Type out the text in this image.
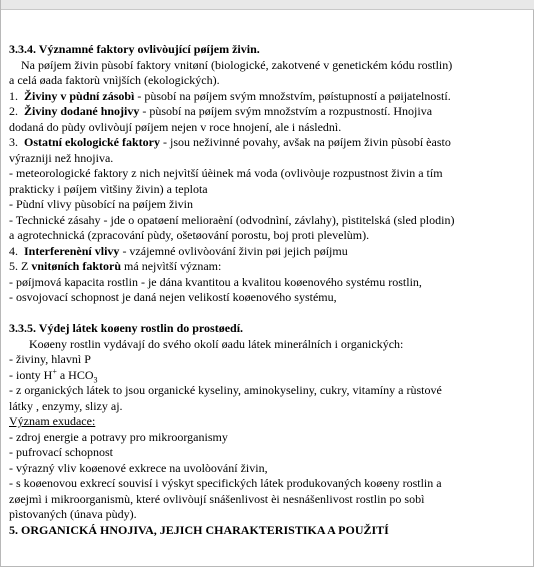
3.3.4. Významné faktory ovlivòující pøíjem živin.
Na pøíjem živin pùsobí faktory vnitøní (biologické, zakotvené v genetickém kódu rostlin)
a celá øada faktorù vnìjších (ekologických).
1.  Živiny v pùdní zásobì - pùsobí na pøíjem svým množstvím, pøístupností a pøijatelností.
2.  Živiny dodané hnojivy - pùsobí na pøíjem svým množstvím a rozpustností. Hnojiva
dodaná do pùdy ovlivòují pøíjem nejen v roce hnojení, ale i následnì.
3.  Ostatní ekologické faktory - jsou neživinné povahy, avšak na pøíjem živin pùsobí èasto
výrazniji než hnojiva.
- meteorologické faktory z nich nejvìtší úèinek má voda (ovlivòuje rozpustnost živin a tím
prakticky i pøíjem vìtšiny živin) a teplota
- Pùdní vlivy pùsobící na pøíjem živin
- Technické zásahy - jde o opatøení melioraèní (odvodnìní, závlahy), pìstitelská (sled plodin)
a agrotechnická (zpracování pùdy, ošetøování porostu, boj proti plevelùm).
4.  Interferenèní vlivy - vzájemné ovlivòování živin pøi jejich pøíjmu
5. Z vnitøních faktorù má nejvìtší význam:
- pøíjmová kapacita rostlin - je dána kvantitou a kvalitou koøenového systému rostlin,
- osvojovací schopnost je daná nejen velikostí koøenového systému,
3.3.5. Výdej látek koøeny rostlin do prostøedí.
Koøeny rostlin vydávají do svého okolí øadu látek minerálních i organických:
- živiny, hlavnì P
- ionty H+ a $HCO_3$
- z organických látek to jsou organické kyseliny, aminokyseliny, cukry, vitamíny a rùstové
látky , enzymy, slizy aj.
Význam exudace:
- zdroj energie a potravy pro mikroorganismy
- pufrovací schopnost
- výrazný vliv koøenové exkrece na uvolòování živin,
- s koøenovou exkrecí souvisí i výskyt specifických látek produkovaných koøeny rostlin a
zøejmì i mikroorganismù, které ovlivòují snášenlivost èi nesnášenlivost rostlin po sobì
pìstovaných (únava pùdy).
5. ORGANICKÁ HNOJIVA, JEJICH CHARAKTERISTIKA A POUŽITÍ
